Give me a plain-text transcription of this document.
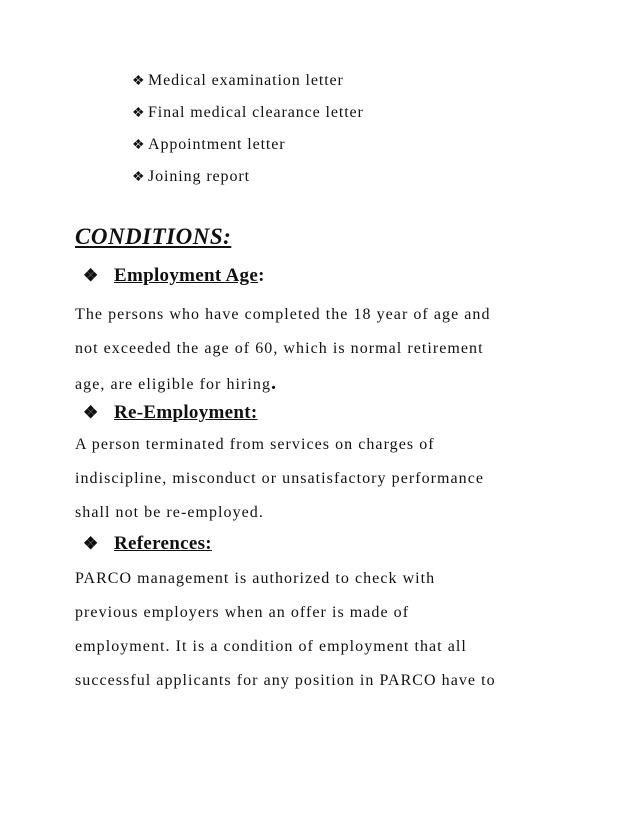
❖ Medical examination letter
❖ Final medical clearance letter
❖ Appointment letter
❖ Joining report
CONDITIONS:
❖ Employment Age:
The persons who have completed the 18 year of age and
not exceeded the age of 60, which is normal retirement
age, are eligible for hiring.
❖ Re-Employment:
A person terminated from services on charges of
indiscipline, misconduct or unsatisfactory performance
shall not be re-employed.
❖ References:
PARCO management is authorized to check with
previous employers when an offer is made of
employment. It is a condition of employment that all
successful applicants for any position in PARCO have to
